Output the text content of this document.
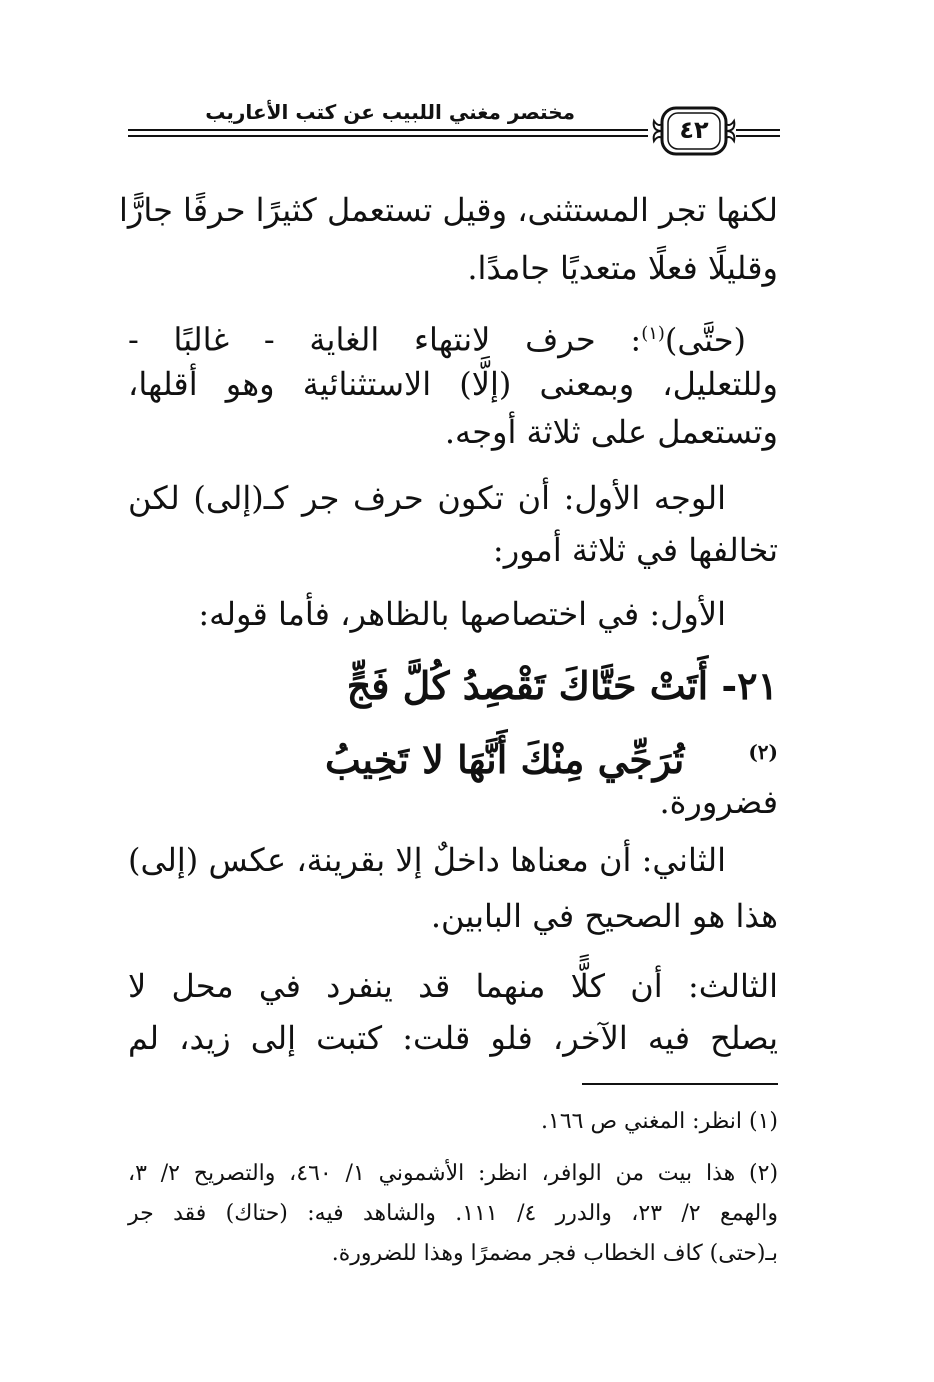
مختصر مغني اللبيب عن كتب الأعاريب
٤٢
لكنها تجر المستثنى، وقيل تستعمل كثيرًا حرفًا جارًّا
وقليلًا فعلًا متعديًا جامدًا.
(حتَّى)$^{(١)}$: حرف لانتهاء الغاية - غالبًا -
وللتعليل، وبمعنى (إلَّا) الاستثنائية وهو أقلها،
وتستعمل على ثلاثة أوجه.
الوجه الأول: أن تكون حرف جر كـ(إلى) لكن
تخالفها في ثلاثة أمور:
الأول: في اختصاصها بالظاهر، فأما قوله:
٢١- أَتَتْ حَتَّاكَ تَقْصِدُ كُلَّ فَجٍّ
$^{(٢)}$تُرَجِّي مِنْكَ أَنَّهَا لا تَخِيبُ
فضرورة.
الثاني: أن معناها داخلٌ إلا بقرينة، عكس (إلى)
هذا هو الصحيح في البابين.
الثالث: أن كلًّا منهما قد ينفرد في محل لا
يصلح فيه الآخر، فلو قلت: كتبت إلى زيد، لم
(١) انظر: المغني ص ١٦٦.
(٢) هذا بيت من الوافر، انظر: الأشموني ١/ ٤٦٠، والتصريح ٢/ ٣،
والهمع ٢/ ٢٣، والدرر ٤/ ١١١. والشاهد فيه: (حتاك) فقد جر
بـ(حتى) كاف الخطاب فجر مضمرًا وهذا للضرورة.
